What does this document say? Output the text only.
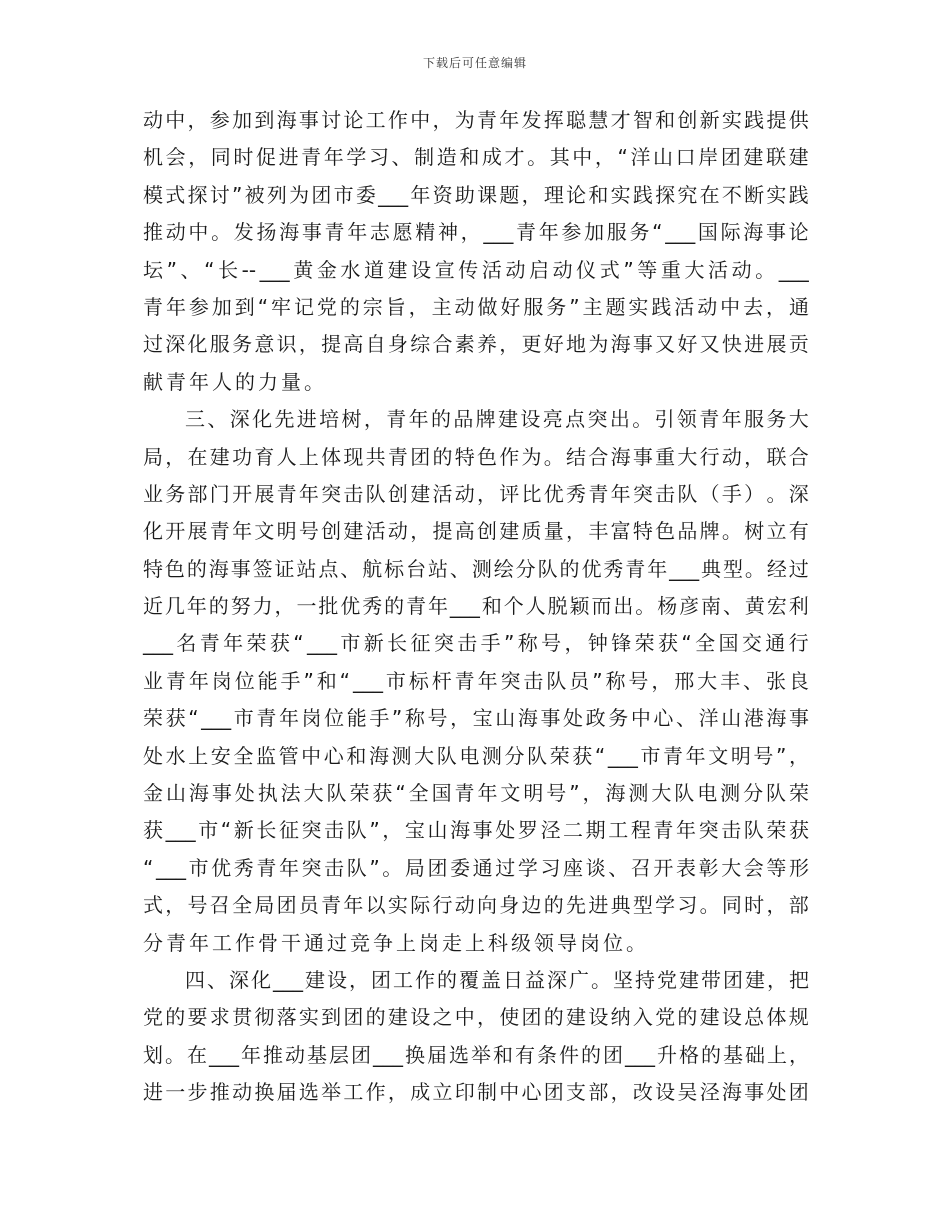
下载后可任意编辑
动 中 ， 参 加 到 海 事 讨 论 工 作 中 ， 为 青 年 发 挥 聪 慧 才 智 和 创 新 实 践 提 供
机 会 ， 同 时 促 进 青 年 学 习 、 制 造 和 成 才 。 其 中 ， “ 洋 山 口 岸 团 建 联 建
模 式 探 讨 ” 被 列 为 团 市 委 ___ 年 资 助 课 题 ， 理 论 和 实 践 探 究 在 不 断 实 践
推 动 中 。 发 扬 海 事 青 年 志 愿 精 神 ， ___ 青 年 参 加 服 务 “ ___ 国 际 海 事 论
坛 ” 、 “ 长 -- ___ 黄 金 水 道 建 设 宣 传 活 动 启 动 仪 式 ” 等 重 大 活 动 。 ___
青 年 参 加 到 “ 牢 记 党 的 宗 旨 ， 主 动 做 好 服 务 ” 主 题 实 践 活 动 中 去 ， 通
过 深 化 服 务 意 识 ， 提 高 自 身 综 合 素 养 ， 更 好 地 为 海 事 又 好 又 快 进 展 贡
献青年人的力量。
三 、 深 化 先 进 培 树 ， 青 年 的 品 牌 建 设 亮 点 突 出 。 引 领 青 年 服 务 大
局 ， 在 建 功 育 人 上 体 现 共 青 团 的 特 色 作 为 。 结 合 海 事 重 大 行 动 ， 联 合
业 务 部 门 开 展 青 年 突 击 队 创 建 活 动 ， 评 比 优 秀 青 年 突 击 队 （ 手 ） 。 深
化 开 展 青 年 文 明 号 创 建 活 动 ， 提 高 创 建 质 量 ， 丰 富 特 色 品 牌 。 树 立 有
特 色 的 海 事 签 证 站 点 、 航 标 台 站 、 测 绘 分 队 的 优 秀 青 年 ___ 典 型 。 经 过
近 几 年 的 努 力 ， 一 批 优 秀 的 青 年 ___ 和 个 人 脱 颖 而 出 。 杨 彦 南 、 黄 宏 利
___ 名 青 年 荣 获 “ ___ 市 新 长 征 突 击 手 ” 称 号 ， 钟 锋 荣 获 “ 全 国 交 通 行
业 青 年 岗 位 能 手 ” 和 “ ___ 市 标 杆 青 年 突 击 队 员 ” 称 号 ， 邢 大 丰 、 张 良
荣 获 “ ___ 市 青 年 岗 位 能 手 ” 称 号 ， 宝 山 海 事 处 政 务 中 心 、 洋 山 港 海 事
处 水 上 安 全 监 管 中 心 和 海 测 大 队 电 测 分 队 荣 获 “ ___ 市 青 年 文 明 号 ” ，
金 山 海 事 处 执 法 大 队 荣 获 “ 全 国 青 年 文 明 号 ” ， 海 测 大 队 电 测 分 队 荣
获 ___ 市 “ 新 长 征 突 击 队 ” ， 宝 山 海 事 处 罗 泾 二 期 工 程 青 年 突 击 队 荣 获
“ ___ 市 优 秀 青 年 突 击 队 ” 。 局 团 委 通 过 学 习 座 谈 、 召 开 表 彰 大 会 等 形
式 ， 号 召 全 局 团 员 青 年 以 实 际 行 动 向 身 边 的 先 进 典 型 学 习 。 同 时 ， 部
分青年工作骨干通过竞争上岗走上科级领导岗位。
四 、 深 化 ___ 建 设 ， 团 工 作 的 覆 盖 日 益 深 广 。 坚 持 党 建 带 团 建 ， 把
党 的 要 求 贯 彻 落 实 到 团 的 建 设 之 中 ， 使 团 的 建 设 纳 入 党 的 建 设 总 体 规
划 。 在 ___ 年 推 动 基 层 团 ___ 换 届 选 举 和 有 条 件 的 团 ___ 升 格 的 基 础 上 ，
进 一 步 推 动 换 届 选 举 工 作 ， 成 立 印 制 中 心 团 支 部 ， 改 设 吴 泾 海 事 处 团
